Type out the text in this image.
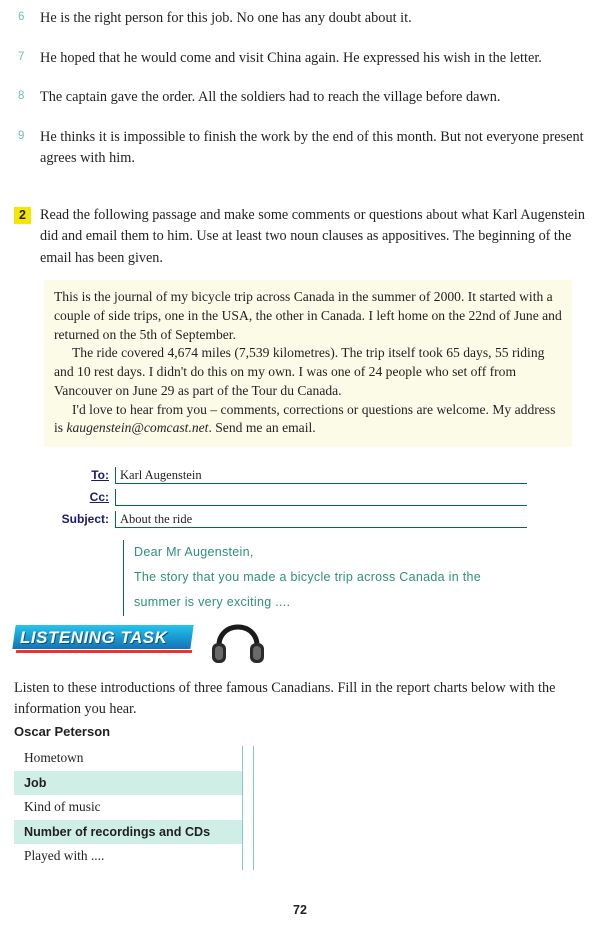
6	He is the right person for this job. No one has any doubt about it.
7	He hoped that he would come and visit China again. He expressed his wish in the letter.
8	The captain gave the order. All the soldiers had to reach the village before dawn.
9	He thinks it is impossible to finish the work by the end of this month. But not everyone present agrees with him.
2 Read the following passage and make some comments or questions about what Karl Augenstein did and email them to him. Use at least two noun clauses as appositives. The beginning of the email has been given.

This is the journal of my bicycle trip across Canada in the summer of 2000. It started with a couple of side trips, one in the USA, the other in Canada. I left home on the 22nd of June and returned on the 5th of September.

The ride covered 4,674 miles (7,539 kilometres). The trip itself took 65 days, 55 riding and 10 rest days. I didn't do this on my own. I was one of 24 people who set off from Vancouver on June 29 as part of the Tour du Canada.

I'd love to hear from you – comments, corrections or questions are welcome. My address is kaugenstein@comcast.net. Send me an email.

To: Karl Augenstein
Cc:
Subject: About the ride
Dear Mr Augenstein,
The story that you made a bicycle trip across Canada in the
summer is very exciting ....
LISTENING TASK
Listen to these introductions of three famous Canadians. Fill in the report charts below with the information you hear.
Oscar Peterson
Hometown
Job
Kind of music
Number of recordings and CDs
Played with ....
72
